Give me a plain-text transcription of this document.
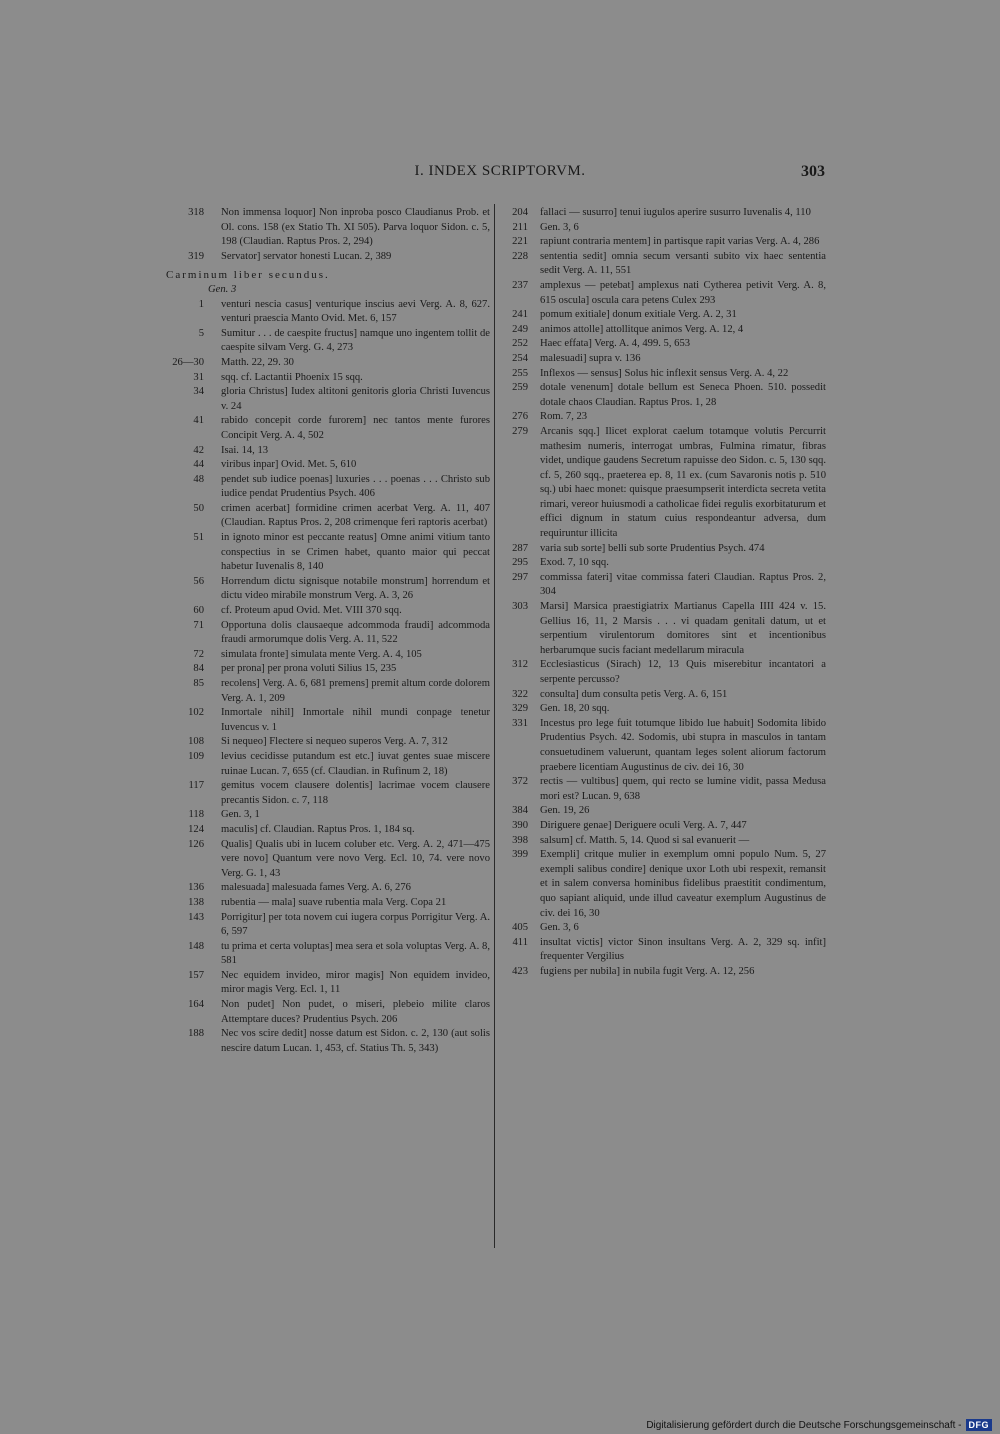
I. INDEX SCRIPTORVM.	303
318 Non immensa loquor] Non inproba posco Claudianus Prob. et Ol. cons. 158 (ex Statio Th. XI 505). Parva loquor Sidon. c. 5, 198 (Claudian. Raptus Pros. 2, 294)
319 Servator] servator honesti Lucan. 2, 389
Carminum liber secundus.
Gen. 3
1 venturi nescia casus] venturique inscius aevi Verg. A. 8, 627. venturi praescia Manto Ovid. Met. 6, 157
5 Sumitur . . . de caespite fructus] namque uno ingentem tollit de caespite silvam Verg. G. 4, 273
26—30 Matth. 22, 29. 30
31 sqq. cf. Lactantii Phoenix 15 sqq.
34 gloria Christus] Iudex altitoni genitoris gloria Christi Iuvencus v. 24
41 rabido concepit corde furorem] nec tantos mente furores Concipit Verg. A. 4, 502
42 Isai. 14, 13
44 viribus inpar] Ovid. Met. 5, 610
48 pendet sub iudice poenas] luxuries . . . poenas . . . Christo sub iudice pendat Prudentius Psych. 406
50 crimen acerbat] formidine crimen acerbat Verg. A. 11, 407 (Claudian. Raptus Pros. 2, 208 crimenque feri raptoris acerbat)
51 in ignoto minor est peccante reatus] Omne animi vitium tanto conspectius in se Crimen habet, quanto maior qui peccat habetur Iuvenalis 8, 140
56 Horrendum dictu signisque notabile monstrum] horrendum et dictu video mirabile monstrum Verg. A. 3, 26
60 cf. Proteum apud Ovid. Met. VIII 370 sqq.
71 Opportuna dolis clausaeque adcommoda fraudi] adcommoda fraudi armorumque dolis Verg. A. 11, 522
72 simulata fronte] simulata mente Verg. A. 4, 105
84 per prona] per prona voluti Silius 15, 235
85 recolens] Verg. A. 6, 681 premens] premit altum corde dolorem Verg. A. 1, 209
102 Inmortale nihil] Inmortale nihil mundi conpage tenetur Iuvencus v. 1
108 Si nequeo] Flectere si nequeo superos Verg. A. 7, 312
109 levius cecidisse putandum est etc.] iuvat gentes suae miscere ruinae Lucan. 7, 655 (cf. Claudian. in Rufinum 2, 18)
117 gemitus vocem clausere dolentis] lacrimae vocem clausere precantis Sidon. c. 7, 118
118 Gen. 3, 1
124 maculis] cf. Claudian. Raptus Pros. 1, 184 sq.
126 Qualis] Qualis ubi in lucem coluber etc. Verg. A. 2, 471—475 vere novo] Quantum vere novo Verg. Ecl. 10, 74. vere novo Verg. G. 1, 43
136 malesuada] malesuada fames Verg. A. 6, 276
138 rubentia — mala] suave rubentia mala Verg. Copa 21
143 Porrigitur] per tota novem cui iugera corpus Porrigitur Verg. A. 6, 597
148 tu prima et certa voluptas] mea sera et sola voluptas Verg. A. 8, 581
157 Nec equidem invideo, miror magis] Non equidem invideo, miror magis Verg. Ecl. 1, 11
164 Non pudet] Non pudet, o miseri, plebeio milite claros Attemptare duces? Prudentius Psych. 206
188 Nec vos scire dedit] nosse datum est Sidon. c. 2, 130 (aut solis nescire datum Lucan. 1, 453, cf. Statius Th. 5, 343)
204 fallaci — susurro] tenui iugulos aperire susurro Iuvenalis 4, 110
211 Gen. 3, 6
221 rapiunt contraria mentem] in partisque rapit varias Verg. A. 4, 286
228 sententia sedit] omnia secum versanti subito vix haec sententia sedit Verg. A. 11, 551
237 amplexus — petebat] amplexus nati Cytherea petivit Verg. A. 8, 615 oscula] oscula cara petens Culex 293
241 pomum exitiale] donum exitiale Verg. A. 2, 31
249 animos attolle] attollitque animos Verg. A. 12, 4
252 Haec effata] Verg. A. 4, 499. 5, 653
254 malesuadi] supra v. 136
255 Inflexos — sensus] Solus hic inflexit sensus Verg. A. 4, 22
259 dotale venenum] dotale bellum est Seneca Phoen. 510. possedit dotale chaos Claudian. Raptus Pros. 1, 28
276 Rom. 7, 23
279 Arcanis sqq.] Ilicet explorat caelum totamque volutis Percurrit mathesim numeris, interrogat umbras, Fulmina rimatur, fibras videt, undique gaudens Secretum rapuisse deo Sidon. c. 5, 130 sqq. cf. 5, 260 sqq., praeterea ep. 8, 11 ex. (cum Savaronis notis p. 510 sq.) ubi haec monet: quisque praesumpserit interdicta secreta vetita rimari, vereor huiusmodi a catholicae fidei regulis exorbitaturum et effici dignum in statum cuius respondeantur adversa, dum requiruntur illicita
287 varia sub sorte] belli sub sorte Prudentius Psych. 474
295 Exod. 7, 10 sqq.
297 commissa fateri] vitae commissa fateri Claudian. Raptus Pros. 2, 304
303 Marsi] Marsica praestigiatrix Martianus Capella IIII 424 v. 15. Gellius 16, 11, 2 Marsis . . . vi quadam genitali datum, ut et serpentium virulentorum domitores sint et incentionibus herbarumque sucis faciant medellarum miracula
312 Ecclesiasticus (Sirach) 12, 13 Quis miserebitur incantatori a serpente percusso?
322 consulta] dum consulta petis Verg. A. 6, 151
329 Gen. 18, 20 sqq.
331 Incestus pro lege fuit totumque libido lue habuit] Sodomita libido Prudentius Psych. 42. Sodomis, ubi stupra in masculos in tantam consuetudinem valuerunt, quantam leges solent aliorum factorum praebere licentiam Augustinus de civ. dei 16, 30
372 rectis — vultibus] quem, qui recto se lumine vidit, passa Medusa mori est? Lucan. 9, 638
384 Gen. 19, 26
390 Diriguere genae] Deriguere oculi Verg. A. 7, 447
398 salsum] cf. Matth. 5, 14. Quod si sal evanuerit —
399 Exempli] critque mulier in exemplum omni populo Num. 5, 27 exempli salibus condire] denique uxor Loth ubi respexit, remansit et in salem conversa hominibus fidelibus praestitit condimentum, quo sapiant aliquid, unde illud caveatur exemplum Augustinus de civ. dei 16, 30
405 Gen. 3, 6
411 insultat victis] victor Sinon insultans Verg. A. 2, 329 sq. infit] frequenter Vergilius
423 fugiens per nubila] in nubila fugit Verg. A. 12, 256
Digitalisierung gefördert durch die Deutsche Forschungsgemeinschaft - DFG
